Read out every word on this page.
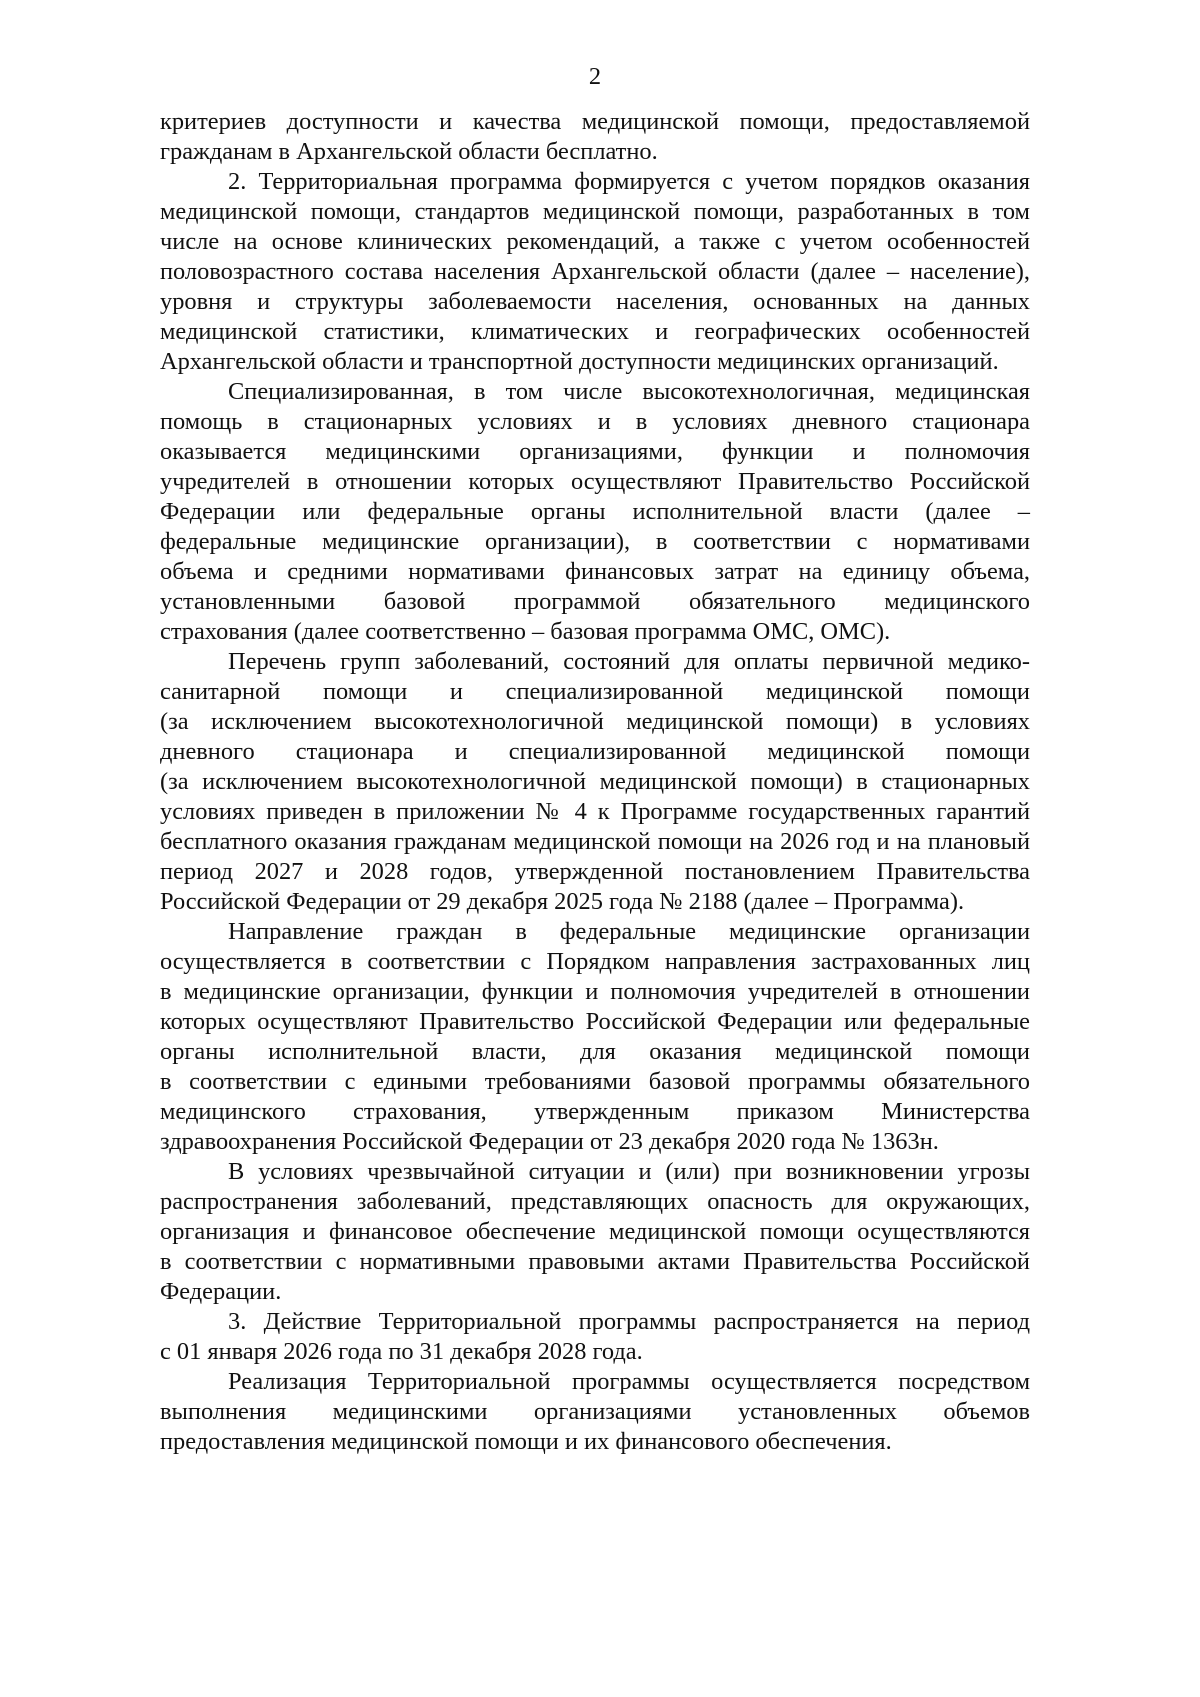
2
критериев доступности и качества медицинской помощи, предоставляемой
гражданам в Архангельской области бесплатно.
2. Территориальная программа формируется с учетом порядков оказания
медицинской помощи, стандартов медицинской помощи, разработанных в том
числе на основе клинических рекомендаций, а также с учетом особенностей
половозрастного состава населения Архангельской области (далее – население),
уровня и структуры заболеваемости населения, основанных на данных
медицинской статистики, климатических и географических особенностей
Архангельской области и транспортной доступности медицинских организаций.
Специализированная, в том числе высокотехнологичная, медицинская
помощь в стационарных условиях и в условиях дневного стационара
оказывается медицинскими организациями, функции и полномочия
учредителей в отношении которых осуществляют Правительство Российской
Федерации или федеральные органы исполнительной власти (далее –
федеральные медицинские организации), в соответствии с нормативами
объема и средними нормативами финансовых затрат на единицу объема,
установленными базовой программой обязательного медицинского
страхования (далее соответственно – базовая программа ОМС, ОМС).
Перечень групп заболеваний, состояний для оплаты первичной медико-
санитарной помощи и специализированной медицинской помощи
(за исключением высокотехнологичной медицинской помощи) в условиях
дневного стационара и специализированной медицинской помощи
(за исключением высокотехнологичной медицинской помощи) в стационарных
условиях приведен в приложении № 4 к Программе государственных гарантий
бесплатного оказания гражданам медицинской помощи на 2026 год и на плановый
период 2027 и 2028 годов, утвержденной постановлением Правительства
Российской Федерации от 29 декабря 2025 года № 2188 (далее – Программа).
Направление граждан в федеральные медицинские организации
осуществляется в соответствии с Порядком направления застрахованных лиц
в медицинские организации, функции и полномочия учредителей в отношении
которых осуществляют Правительство Российской Федерации или федеральные
органы исполнительной власти, для оказания медицинской помощи
в соответствии с едиными требованиями базовой программы обязательного
медицинского страхования, утвержденным приказом Министерства
здравоохранения Российской Федерации от 23 декабря 2020 года № 1363н.
В условиях чрезвычайной ситуации и (или) при возникновении угрозы
распространения заболеваний, представляющих опасность для окружающих,
организация и финансовое обеспечение медицинской помощи осуществляются
в соответствии с нормативными правовыми актами Правительства Российской
Федерации.
3. Действие Территориальной программы распространяется на период
с 01 января 2026 года по 31 декабря 2028 года.
Реализация Территориальной программы осуществляется посредством
выполнения медицинскими организациями установленных объемов
предоставления медицинской помощи и их финансового обеспечения.
